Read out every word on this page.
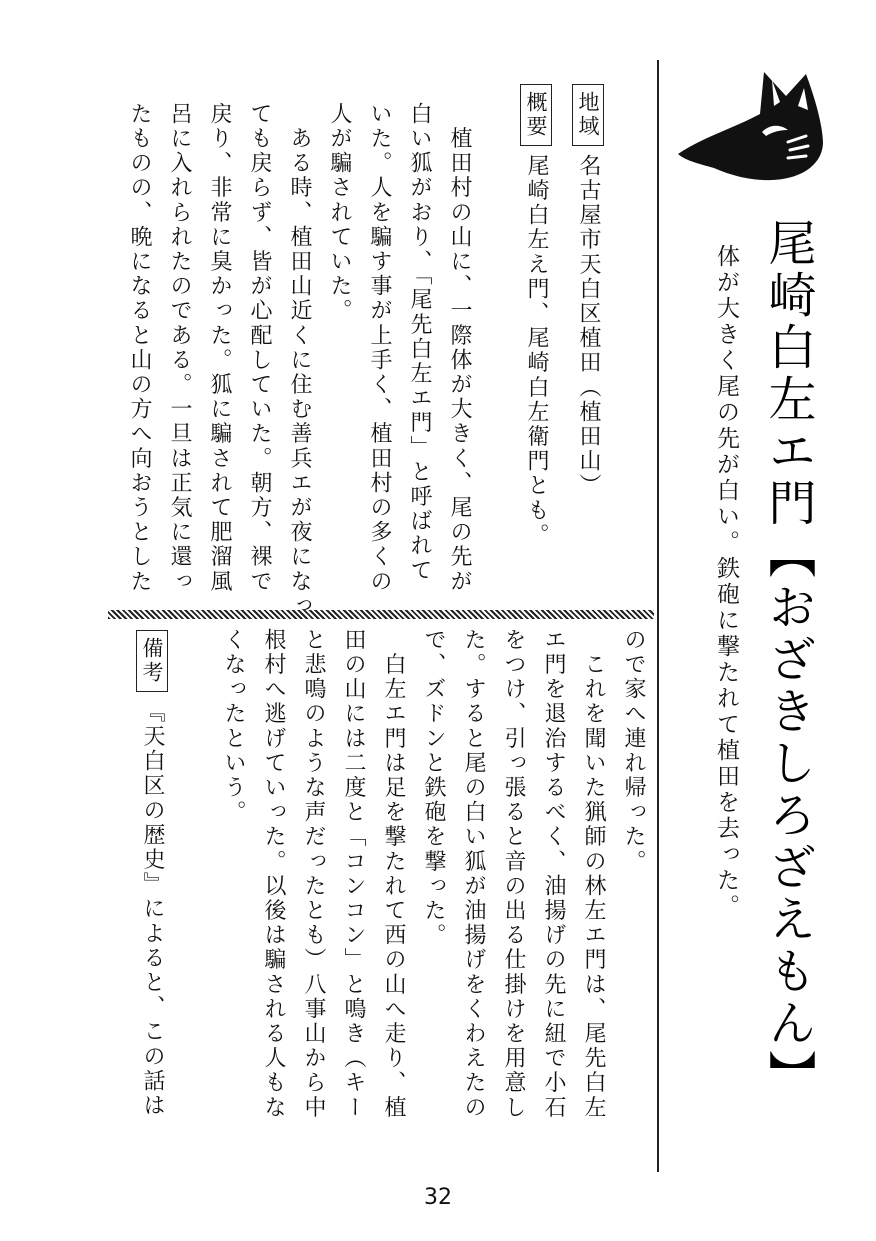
尾崎白左エ門【おざきしろざえもん】
体が大きく尾の先が白い。鉄砲に撃たれて植田を去った。
地域名古屋市天白区植田（植田山）
概要尾崎白左え門、尾崎白左衛門とも。
　植田村の山に、一際体が大きく、尾の先が
白い狐がおり、「尾先白左エ門」と呼ばれて
いた。人を騙す事が上手く、植田村の多くの
人が騙されていた。
　ある時、植田山近くに住む善兵エが夜になっ
ても戻らず、皆が心配していた。朝方、裸で
戻り、非常に臭かった。狐に騙されて肥溜風
呂に入れられたのである。一旦は正気に還っ
たものの、晩になると山の方へ向おうとした
ので家へ連れ帰った。
　これを聞いた猟師の林左エ門は、尾先白左
エ門を退治するべく、油揚げの先に紐で小石
をつけ、引っ張ると音の出る仕掛けを用意し
た。すると尾の白い狐が油揚げをくわえたの
で、ズドンと鉄砲を撃った。
　白左エ門は足を撃たれて西の山へ走り、植
田の山には二度と「コンコン」と鳴き（キー
と悲鳴のような声だったとも）八事山から中
根村へ逃げていった。以後は騙される人もな
くなったという。
備考『天白区の歴史』によると、この話は
32
